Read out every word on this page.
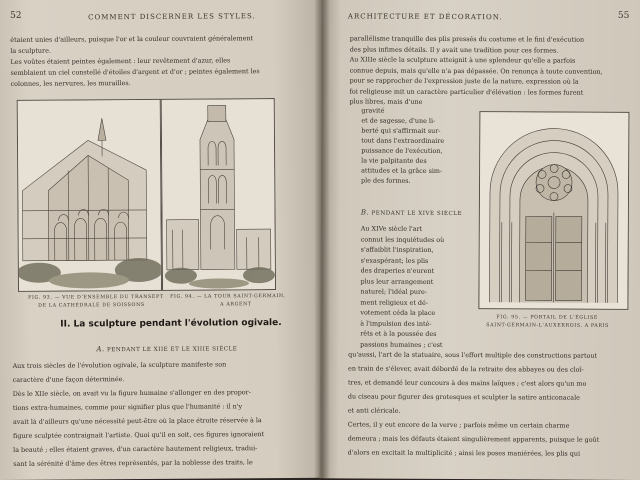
52	COMMENT DISCERNER LES STYLES.
étaient unies d'ailleurs, puisque l'or et la couleur couvraient généralement
la sculpture.
Les voûtes étaient peintes également : leur revêtement d'azur, elles
semblaient un ciel constellé d'étoiles d'argent et d'or ; peintes également les
colonnes, les nervures, les murailles.
FIG. 93. — VUE D'ENSEMBLE DU TRANSEPT
DE LA CATHÉDRALE DE SOISSONS
FIG. 94. — LA TOUR SAINT-GERMAIN,
A ARGENT
II. La sculpture pendant l'évolution ogivale.
A. PENDANT LE XIIE ET LE XIIIE SIÈCLE
Aux trois siècles de l'évolution ogivale, la sculpture manifeste son
caractère d'une façon déterminée.
Dès le XIIe siècle, on avait vu la figure humaine s'allonger en des propor-
tions extra-humaines, comme pour signifier plus que l'humanité : il n'y
avait là d'ailleurs qu'une nécessité peut-être où la place étroite réservée à la
figure sculptée contraignait l'artiste. Quoi qu'il en soit, ces figures ignoraient
la beauté ; elles étaient graves, d'un caractère hautement religieux, tradui-
sant la sérénité d'âme des êtres représentés, par la noblesse des traits, le
ARCHITECTURE ET DÉCORATION.	55
parallélisme tranquille des plis pressés du costume et le fini d'exécution
des plus infimes détails. Il y avait une tradition pour ces formes.
Au XIIIe siècle la sculpture atteignit à une splendeur qu'elle a parfois
connue depuis, mais qu'elle n'a pas dépassée. On renonça à toute convention,
pour se rapprocher de l'expression juste de la nature, expression où la
foi religieuse mit un caractère particulier d'élévation : les formes furent
plus libres, mais d'une
gravité
et de sagesse, d'une li-
berté qui s'affirmait sur-
tout dans l'extraordinaire
puissance de l'exécution,
la vie palpitante des
attitudes et la grâce sim-
ple des formes.
B. PENDANT LE XIVE SIÈCLE
Au XIVe siècle l'art
connut les inquiétudes où
s'affaiblit l'inspiration,
s'exaspérant; les plis
des draperies n'eurent
plus leur arrangement
naturel; l'idéal pure-
ment religieux et dé-
votement céda la place
à l'impulsion des inté-
rêts et à la poussée des
passions humaines ; c'est
FIG. 95. — PORTAIL DE L'ÉGLISE
SAINT-GERMAIN-L'AUXERROIS, A PARIS
qu'aussi, l'art de la statuaire, sous l'effort multiple des constructions partout
en train de s'élever, avait débordé de la retraite des abbayes ou des cloî-
tres, et demandé leur concours à des mains laïques ; c'est alors qu'un mo
du ciseau pour figurer des grotesques et sculpter la satire anticonacale
et anti cléricale.
Certes, il y eut encore de la verve ; parfois même un certain charme
demeura ; mais les défauts étaient singulièrement apparents, puisque le goût
d'alors en excitait la multiplicité ; ainsi les poses maniérées, les plis qui
